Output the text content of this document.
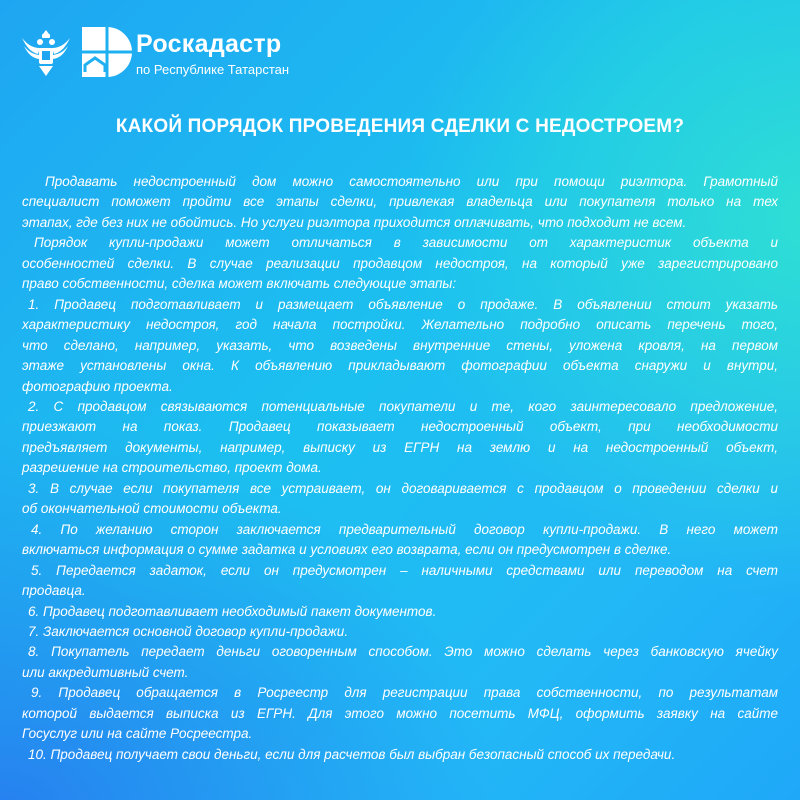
Роскадастр
по Республике Татарстан
КАКОЙ ПОРЯДОК ПРОВЕДЕНИЯ СДЕЛКИ С НЕДОСТРОЕМ?
Продавать недостроенный дом можно самостоятельно или при помощи риэлтора. Грамотный
специалист поможет пройти все этапы сделки, привлекая владельца или покупателя только на тех
этапах, где без них не обойтись. Но услуги риэлтора приходится оплачивать, что подходит не всем.
Порядок купли-продажи может отличаться в зависимости от характеристик объекта и
особенностей сделки. В случае реализации продавцом недостроя, на который уже зарегистрировано
право собственности, сделка может включать следующие этапы:
1. Продавец подготавливает и размещает объявление о продаже. В объявлении стоит указать
характеристику недостроя, год начала постройки. Желательно подробно описать перечень того,
что сделано, например, указать, что возведены внутренние стены, уложена кровля, на первом
этаже установлены окна. К объявлению прикладывают фотографии объекта снаружи и внутри,
фотографию проекта.
2. С продавцом связываются потенциальные покупатели и те, кого заинтересовало предложение,
приезжают на показ. Продавец показывает недостроенный объект, при необходимости
предъявляет документы, например, выписку из ЕГРН на землю и на недостроенный объект,
разрешение на строительство, проект дома.
3. В случае если покупателя все устраивает, он договаривается с продавцом о проведении сделки и
об окончательной стоимости объекта.
4. По желанию сторон заключается предварительный договор купли-продажи. В него может
включаться информация о сумме задатка и условиях его возврата, если он предусмотрен в сделке.
5. Передается задаток, если он предусмотрен – наличными средствами или переводом на счет
продавца.
6. Продавец подготавливает необходимый пакет документов.
7. Заключается основной договор купли-продажи.
8. Покупатель передает деньги оговоренным способом. Это можно сделать через банковскую ячейку
или аккредитивный счет.
9. Продавец обращается в Росреестр для регистрации права собственности, по результатам
которой выдается выписка из ЕГРН. Для этого можно посетить МФЦ, оформить заявку на сайте
Госуслуг или на сайте Росреестра.
10. Продавец получает свои деньги, если для расчетов был выбран безопасный способ их передачи.
